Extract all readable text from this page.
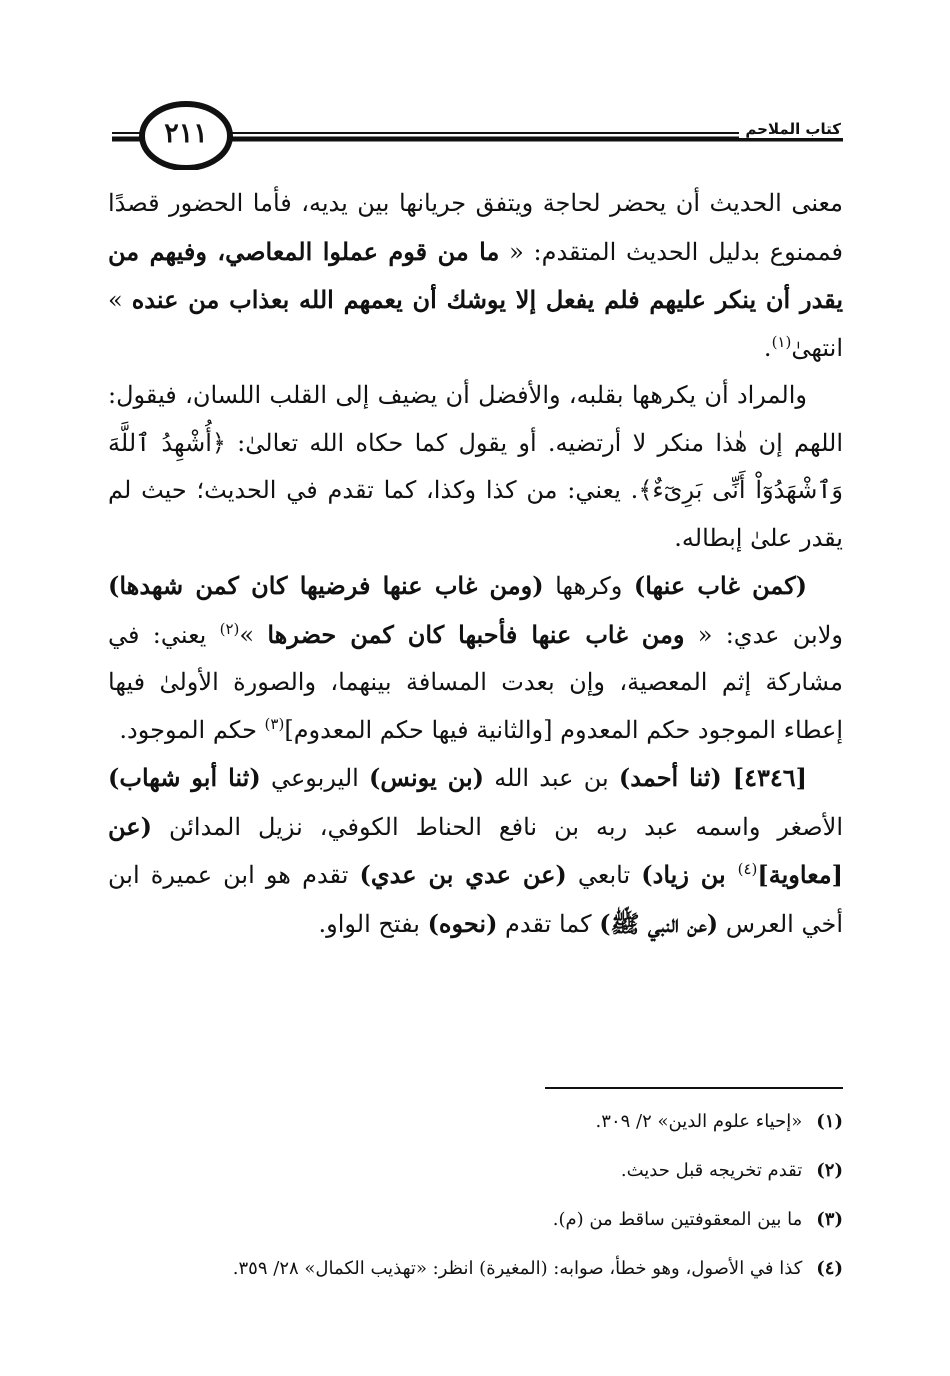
٢١١	كتاب الملاحم

معنى الحديث أن يحضر لحاجة ويتفق جريانها بين يديه، فأما الحضور قصدًا فممنوع بدليل الحديث المتقدم: « ما من قوم عملوا المعاصي، وفيهم من يقدر أن ينكر عليهم فلم يفعل إلا يوشك أن يعمهم الله بعذاب من عنده » انتهىٰ$^{(١)}$.

والمراد أن يكرهها بقلبه، والأفضل أن يضيف إلى القلب اللسان، فيقول: اللهم إن هٰذا منكر لا أرتضيه. أو يقول كما حكاه الله تعالىٰ: ﴿أُشْهِدُ ٱللَّهَ وَٱشْهَدُوٓاْ أَنِّى بَرِىٓءٌ﴾. يعني: من كذا وكذا، كما تقدم في الحديث؛ حيث لم يقدر علىٰ إبطاله.

(كمن غاب عنها) وكرهها (ومن غاب عنها فرضيها كان كمن شهدها) ولابن عدي: « ومن غاب عنها فأحبها كان كمن حضرها »$^{(٢)}$ يعني: في مشاركة إثم المعصية، وإن بعدت المسافة بينهما، والصورة الأولىٰ فيها إعطاء الموجود حكم المعدوم [والثانية فيها حكم المعدوم]$^{(٣)}$ حكم الموجود.

[٤٣٤٦] (ثنا أحمد) بن عبد الله (بن يونس) اليربوعي (ثنا أبو شهاب) الأصغر واسمه عبد ربه بن نافع الحناط الكوفي، نزيل المدائن (عن [معاوية]$^{(٤)}$ بن زياد) تابعي (عن عدي بن عدي) تقدم هو ابن عميرة ابن أخي العرس (عن النبي ﷺ) كما تقدم (نحوه) بفتح الواو.

(١)
«إحياء علوم الدين» ٢/ ٣٠٩.
(٢)
تقدم تخريجه قبل حديث.
(٣)
ما بين المعقوفتين ساقط من (م).
(٤)
كذا في الأصول، وهو خطأ، صوابه: (المغيرة) انظر: «تهذيب الكمال» ٢٨/ ٣٥٩.
